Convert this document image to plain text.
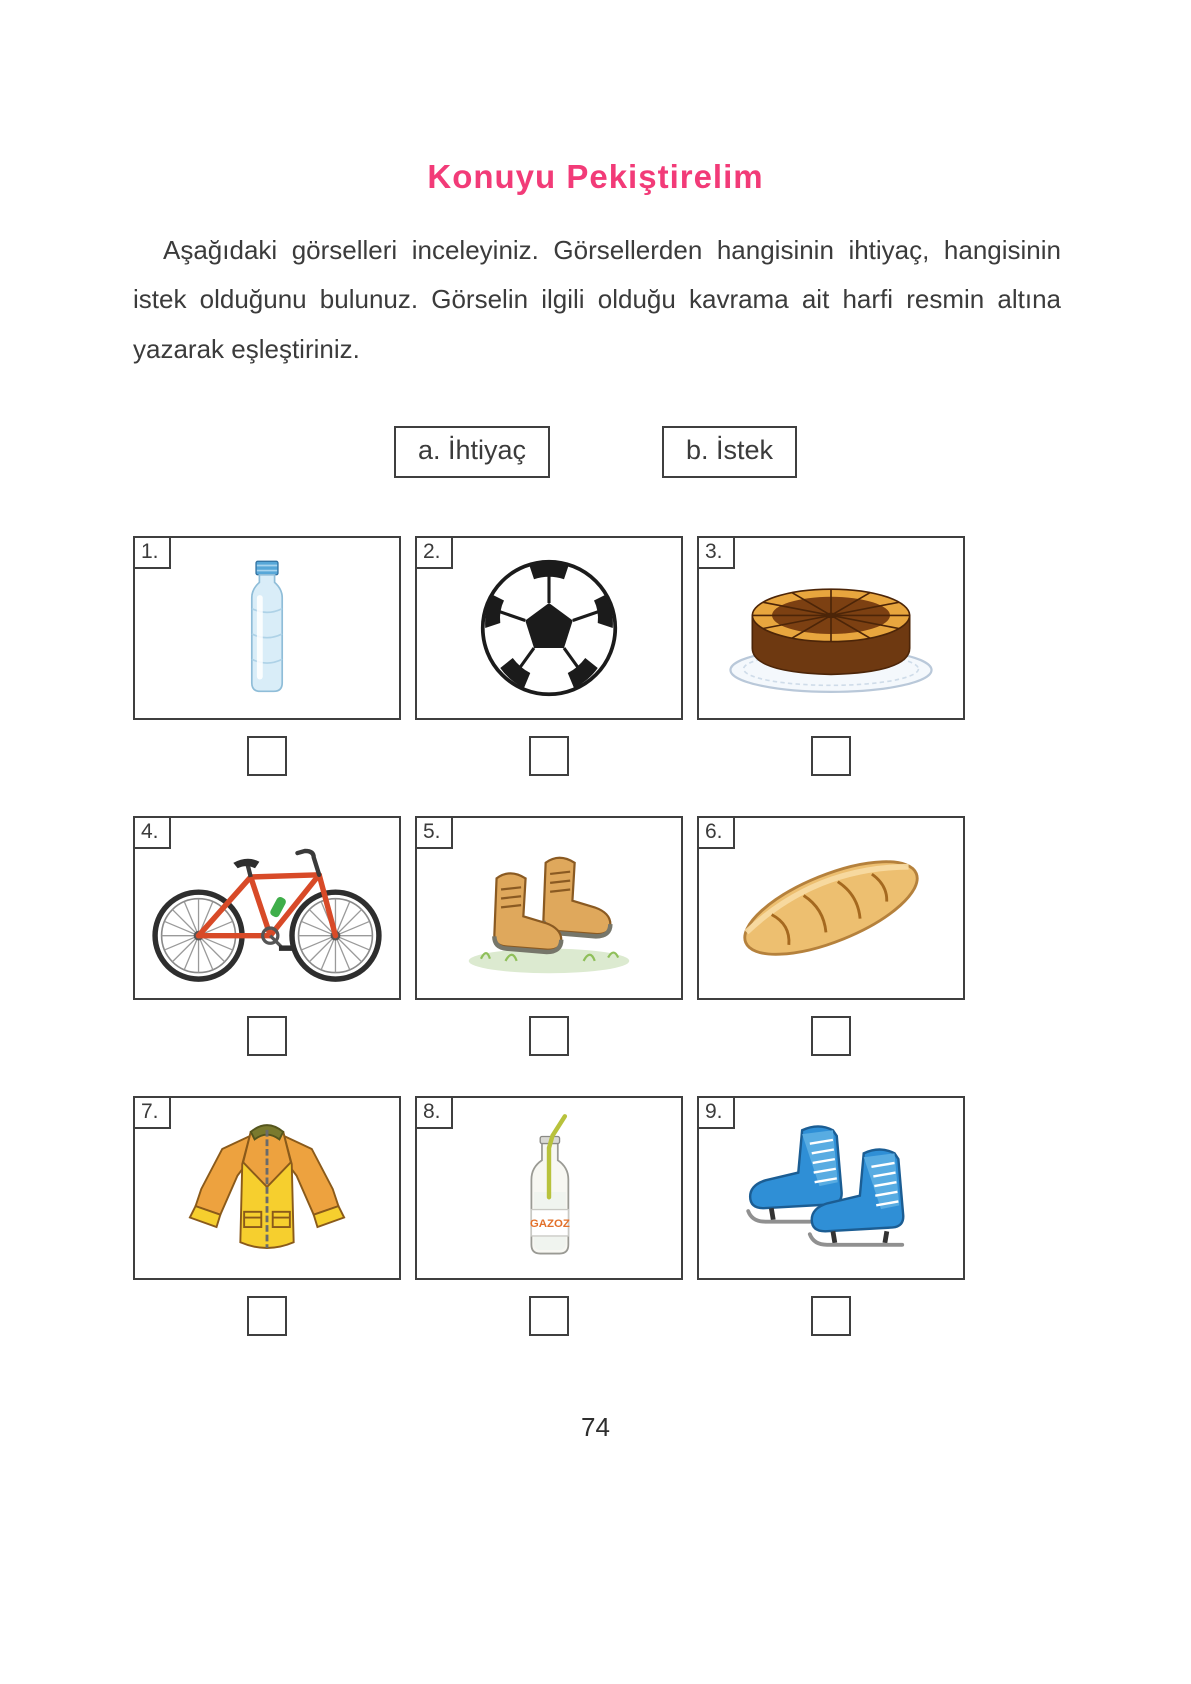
Konuyu Pekiştirelim

Aşağıdaki görselleri inceleyiniz. Görsellerden hangisinin ihtiyaç, hangisinin istek olduğunu bulunuz. Görselin ilgili olduğu kavrama ait harfi resmin altına yazarak eşleştiriniz.

a. İhtiyaç	b. İstek
1.	2.	3.
4.	5.	6.
7.	8.
GAZOZ
9.
74
